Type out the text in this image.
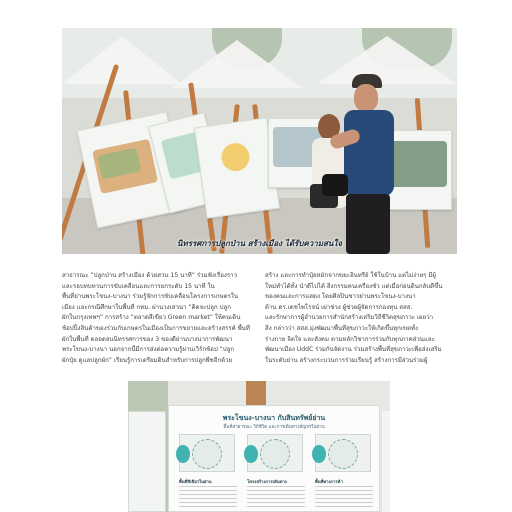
นิทรรศการปลูกป่าน สร้างเมือง ได้รับความสนใจ

สาธารณะ “ปลูกป่าน สร้างเมือง ด้วยสวน 15 นาที” ร่วมฟังเรื่องราว

และรอบทบทวนการขับเคลื่อนและการยกระดับ 15 นาที ใน

พื้นที่ย่านพระโขนง-บางนา ร่วมรู้จักการขับเคลื่อนโครงการเกษตรใน

เมือง และกรณีศึกษาในพื้นที่ กทม. ผ่านวงเสวนา “คิดจะปลูก ปลูก

ผักในกรุงเทพฯ” การสร้าง “ตลาดสีเขียว Green market” ให้คนเดิน

ช้อปปิ้งสินค้าของร่วมกับเกษตรในเมืองเป็นการขยายและสร้างสรรค์ พื้นที่

ผักในพื้นที่ ตลอดจนนิทรรศการของ 3 ของดีย่านบางนาการพัฒนา

พระโขนง-บางนา นอกจากนี้มีการส่งต่อความรู้ผ่านเวิร์กช้อป “ปลูก

ผักปุ๋ย ดูแลปลูกผัก” เรียนรู้การเตรียมดินสำหรับการปลูกพืชอีกด้วย

สร้าง และการทำปุ๋ยหมักจากขยะอินทรีย์ ใช้ในบ้าน แต่ไม่ง่ายๆ มีผู้

ใหม่ทำได้ทั้ง นำดีไปได้ สิ่งกรรมคนเครื่องชั่ว แต่เมื่อก่อนดินกลับดีขึ้น

ของคนและการแสดง โดยศิลปินชาวย่านพระโขนง-บางนา

ด้าน ดร.เดชไพโรจน์ เผ่าช่วง ผู้ช่วยผู้จัดการกองทุน สสส.

และรักษาการผู้อำนวยการสำนักสร้างเสริมวิถีชีวิตสุขภาวะ เผยว่า

สิ่ง กล่าวว่า สสส.มุ่งพัฒนาพื้นที่สุขภาวะให้เกิดขึ้นทุกเขตทั้ง

ร่างกาย จิตใจ และสังคม ตามหลักวิชาการร่วมกับทุกภาคส่วนและ

พัฒนาเมือง UddC ร่วมกันจัดงาน ร่วมสร้างพื้นที่สุขภาวะเพื่อส่งเสริม

ในระดับย่าน สร้างกระบวนการร่วมเรียนรู้ สร้างการมีส่วนร่วมผู้

พระโขนง-บางนา กับสินทรัพย์ย่าน
พื้นที่สาธารณะ วิถีชีวิต และการเดินทางสัญจรในย่าน
พื้นที่สีเขียวในย่าน	โครงสร้างการเดินทาง	พื้นที่ทางการค้า
